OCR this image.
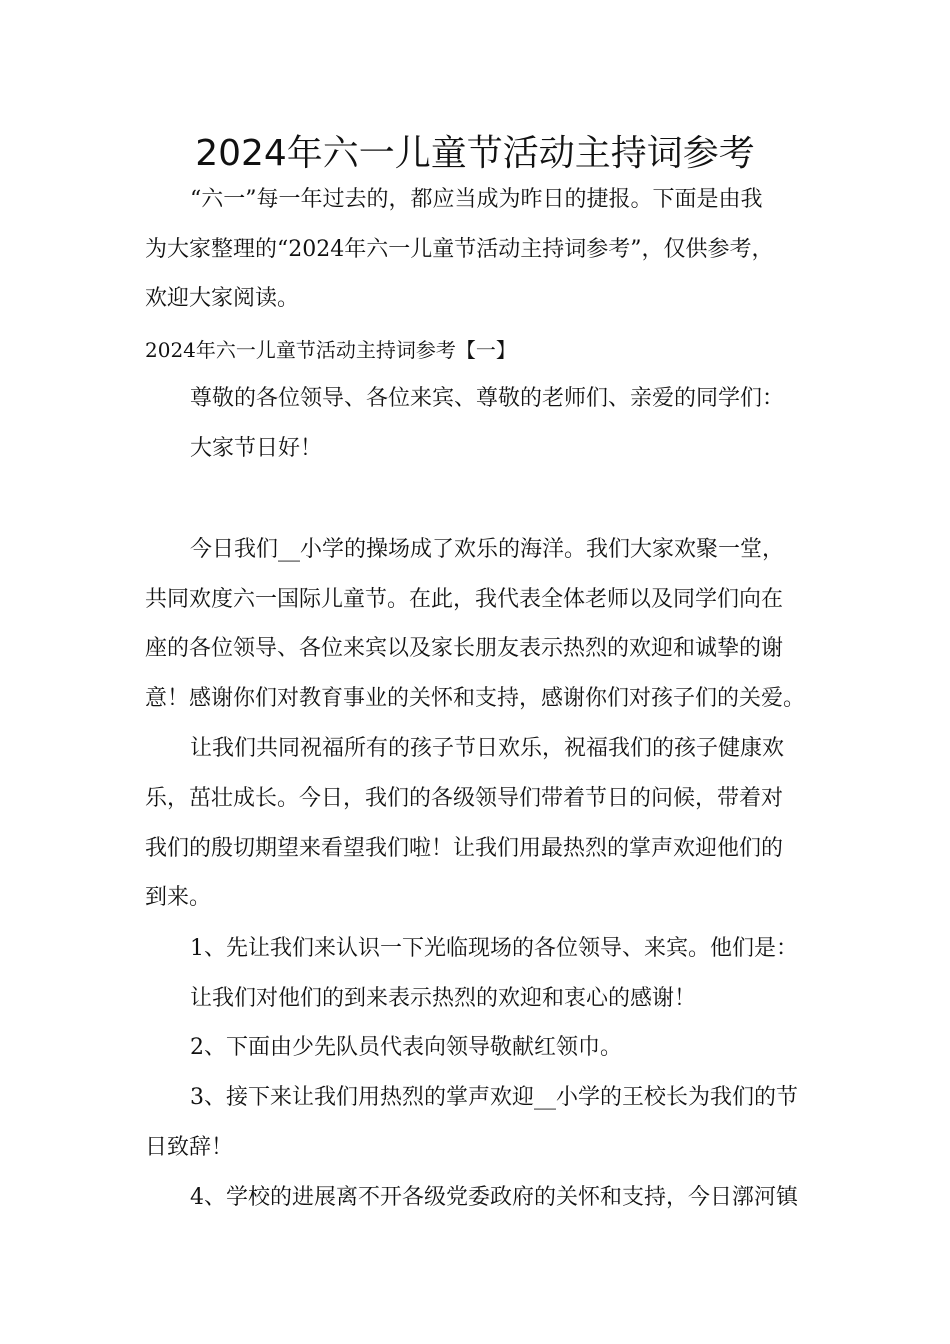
2024年六一儿童节活动主持词参考
“六一”每一年过去的，都应当成为昨日的捷报。下面是由我
为大家整理的“2024年六一儿童节活动主持词参考”，仅供参考，
欢迎大家阅读。
2024年六一儿童节活动主持词参考【一】
尊敬的各位领导、各位来宾、尊敬的老师们、亲爱的同学们：
大家节日好！
今日我们__小学的操场成了欢乐的海洋。我们大家欢聚一堂，
共同欢度六一国际儿童节。在此，我代表全体老师以及同学们向在
座的各位领导、各位来宾以及家长朋友表示热烈的欢迎和诚挚的谢
意！感谢你们对教育事业的关怀和支持，感谢你们对孩子们的关爱。
让我们共同祝福所有的孩子节日欢乐，祝福我们的孩子健康欢
乐，茁壮成长。今日，我们的各级领导们带着节日的问候，带着对
我们的殷切期望来看望我们啦！让我们用最热烈的掌声欢迎他们的
到来。
1、先让我们来认识一下光临现场的各位领导、来宾。他们是：
让我们对他们的到来表示热烈的欢迎和衷心的感谢！
2、下面由少先队员代表向领导敬献红领巾。
3、接下来让我们用热烈的掌声欢迎__小学的王校长为我们的节
日致辞！
4、学校的进展离不开各级党委政府的关怀和支持，今日漷河镇
